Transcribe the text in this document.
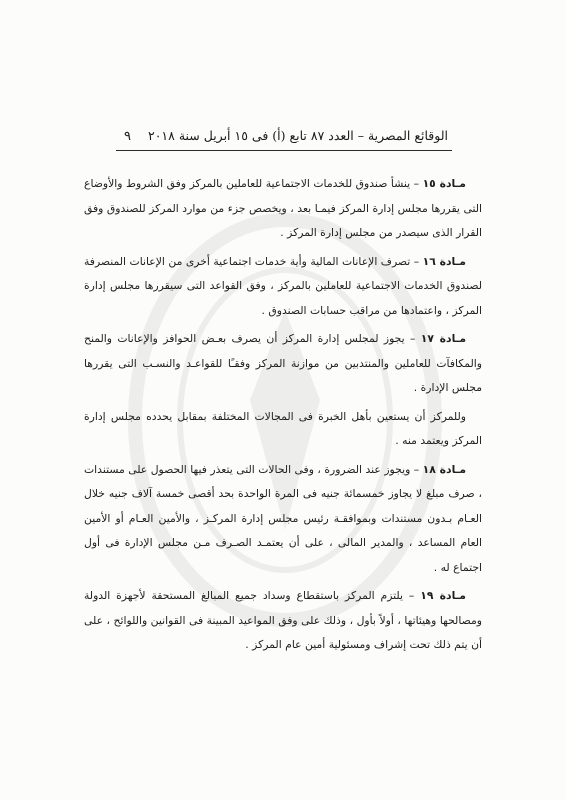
الوقائع المصرية – العدد ٨٧ تابع (أ) فى ١٥ أبريل سنة ٢٠١٨
٩

مـادة ١٥ – ينشأ صندوق للخدمات الاجتماعية للعاملين بالمركز وفق الشروط والأوضاع التى يقررها مجلس إدارة المركز فيمـا بعد ، ويخصص جزء من موارد المركز للصندوق وفق القرار الذى سيصدر من مجلس إدارة المركز .

مـادة ١٦ – تصرف الإعانات المالية وأية خدمات اجتماعية أخرى من الإعانات المنصرفة لصندوق الخدمات الاجتماعية للعاملين بالمركز ، وفق القواعد التى سيقررها مجلس إدارة المركز ، واعتمادها من مراقب حسابات الصندوق .

مـادة ١٧ – يجوز لمجلس إدارة المركز أن يصرف بعـض الحوافز والإعانات والمنح والمكافآت للعاملين والمنتدبين من موازنة المركز وفقـًا للقواعـد والنسـب التى يقررها مجلس الإدارة .

وللمركز أن يستعين بأهل الخبرة فى المجالات المختلفة بمقابل يحدده مجلس إدارة المركز ويعتمد منه .

مـادة ١٨ – ويجوز عند الضرورة ، وفى الحالات التى يتعذر فيها الحصول على مستندات ، صرف مبلغ لا يجاوز خمسمائة جنيه فى المرة الواحدة بحد أقصى خمسة آلاف جنيه خلال العـام بـدون مستندات وبموافقـة رئيس مجلس إدارة المركـز ، والأمين العـام أو الأمين العام المساعد ، والمدير المالى ، على أن يعتمـد الصـرف مـن مجلس الإدارة فى أول اجتماع له .

مـادة ١٩ – يلتزم المركز باستقطاع وسداد جميع المبالغ المستحقة لأجهزة الدولة ومصالحها وهيئاتها ، أولاً بأول ، وذلك على وفق المواعيد المبينة فى القوانين واللوائح ، على أن يتم ذلك تحت إشراف ومسئولية أمين عام المركز .
